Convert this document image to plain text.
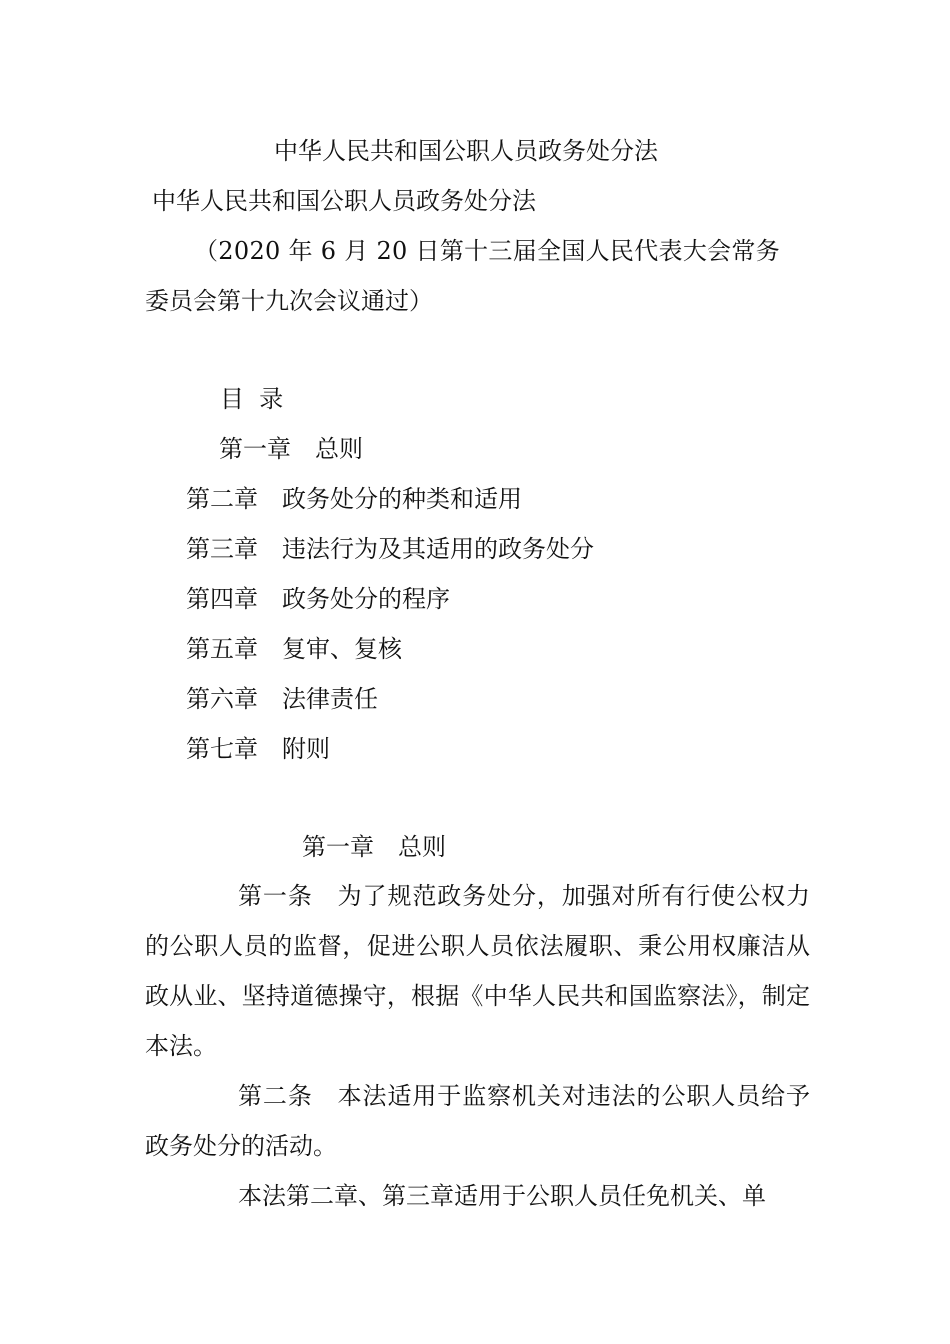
中华人民共和国公职人员政务处分法
中华人民共和国公职人员政务处分法
（2020 年 6 月 20 日第十三届全国人民代表大会常务
委员会第十九次会议通过）
目  录
第一章 总则
第二章 政务处分的种类和适用
第三章 违法行为及其适用的政务处分
第四章 政务处分的程序
第五章 复审、复核
第六章 法律责任
第七章 附则
第一章 总则
第一条 为了规范政务处分，加强对所有行使公权力的公职人员的监督，促进公职人员依法履职、秉公用权廉洁从政从业、坚持道德操守，根据《中华人民共和国监察法》，制定本法。
第二条 本法适用于监察机关对违法的公职人员给予政务处分的活动。
本法第二章、第三章适用于公职人员任免机关、单
